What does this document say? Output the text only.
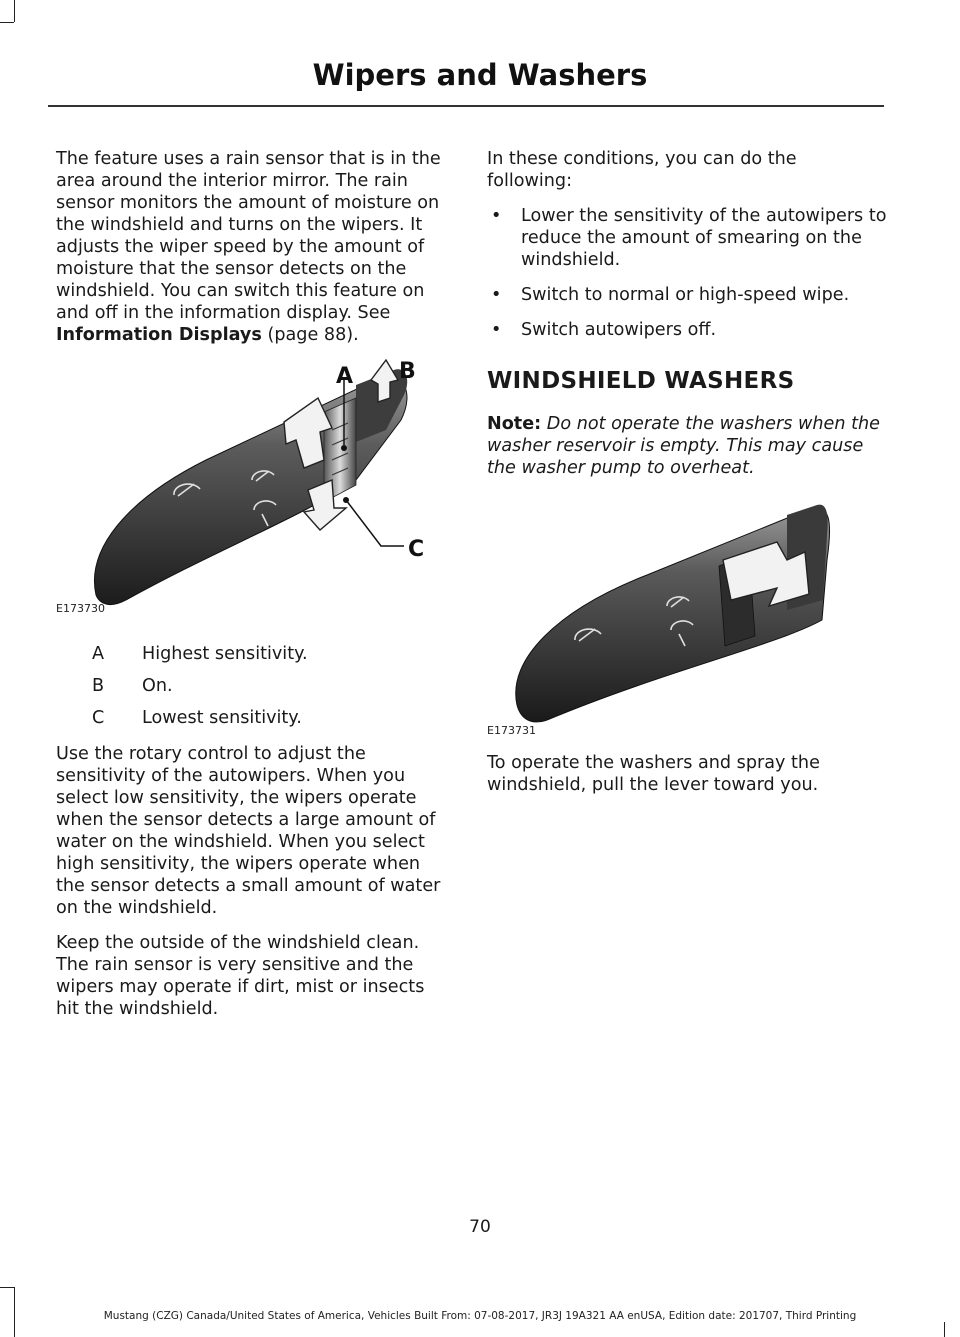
Wipers and Washers

The feature uses a rain sensor that is in the area around the interior mirror. The rain sensor monitors the amount of moisture on the windshield and turns on the wipers. It adjusts the wiper speed by the amount of moisture that the sensor detects on the windshield. You can switch this feature on and off in the information display. See Information Displays (page 88).

A B
C
E173730
A	Highest sensitivity.
B	On.
C	Lowest sensitivity.

Use the rotary control to adjust the sensitivity of the autowipers. When you select low sensitivity, the wipers operate when the sensor detects a large amount of water on the windshield. When you select high sensitivity, the wipers operate when the sensor detects a small amount of water on the windshield.

Keep the outside of the windshield clean. The rain sensor is very sensitive and the wipers may operate if dirt, mist or insects hit the windshield.

In these conditions, you can do the following:

• Lower the sensitivity of the autowipers to reduce the amount of smearing on the windshield.
• Switch to normal or high-speed wipe.
• Switch autowipers off.
WINDSHIELD WASHERS

Note: Do not operate the washers when the washer reservoir is empty. This may cause the washer pump to overheat.

E173731

To operate the washers and spray the windshield, pull the lever toward you.

70
Mustang (CZG) Canada/United States of America, Vehicles Built From: 07-08-2017, JR3J 19A321 AA enUSA, Edition date: 201707, Third Printing
